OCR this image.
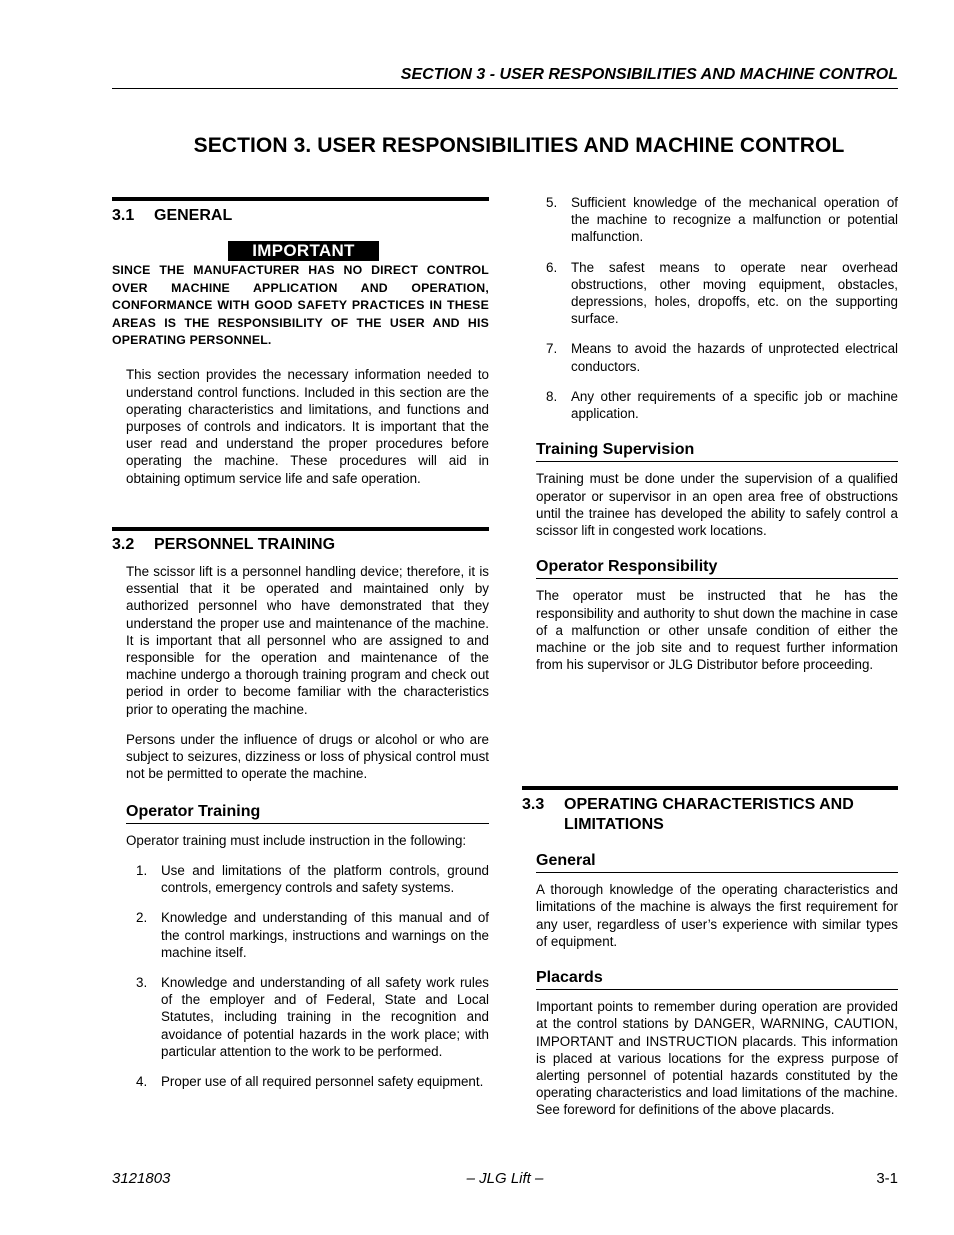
SECTION 3 - USER RESPONSIBILITIES AND MACHINE CONTROL
SECTION 3. USER RESPONSIBILITIES AND MACHINE CONTROL
3.1	GENERAL
IMPORTANT
SINCE THE MANUFACTURER HAS NO DIRECT CONTROL OVER MACHINE APPLICATION AND OPERATION, CONFORMANCE WITH GOOD SAFETY PRACTICES IN THESE AREAS IS THE RESPONSIBILITY OF THE USER AND HIS OPERATING PERSONNEL.

This section provides the necessary information needed to understand control functions. Included in this section are the operating characteristics and limitations, and functions and purposes of controls and indicators. It is important that the user read and understand the proper procedures before operating the machine. These procedures will aid in obtaining optimum service life and safe operation.

3.2	PERSONNEL TRAINING

The scissor lift is a personnel handling device; therefore, it is essential that it be operated and maintained only by authorized personnel who have demonstrated that they understand the proper use and maintenance of the machine. It is important that all personnel who are assigned to and responsible for the operation and maintenance of the machine undergo a thorough training program and check out period in order to become familiar with the characteristics prior to operating the machine.

Persons under the influence of drugs or alcohol or who are subject to seizures, dizziness or loss of physical control must not be permitted to operate the machine.

Operator Training

Operator training must include instruction in the following:

1.	Use and limitations of the platform controls, ground controls, emergency controls and safety systems.
2.	Knowledge and understanding of this manual and of the control markings, instructions and warnings on the machine itself.
3.	Knowledge and understanding of all safety work rules of the employer and of Federal, State and Local Statutes, including training in the recognition and avoidance of potential hazards in the work place; with particular attention to the work to be performed.
4.	Proper use of all required personnel safety equipment.
5.	Sufficient knowledge of the mechanical operation of the machine to recognize a malfunction or potential malfunction.
6.	The safest means to operate near overhead obstructions, other moving equipment, obstacles, depressions, holes, dropoffs, etc. on the supporting surface.
7.	Means to avoid the hazards of unprotected electrical conductors.
8.	Any other requirements of a specific job or machine application.
Training Supervision

Training must be done under the supervision of a qualified operator or supervisor in an open area free of obstructions until the trainee has developed the ability to safely control a scissor lift in congested work locations.

Operator Responsibility

The operator must be instructed that he has the responsibility and authority to shut down the machine in case of a malfunction or other unsafe condition of either the machine or the job site and to request further information from his supervisor or JLG Distributor before proceeding.

3.3	OPERATING CHARACTERISTICS AND LIMITATIONS
General

A thorough knowledge of the operating characteristics and limitations of the machine is always the first requirement for any user, regardless of user’s experience with similar types of equipment.

Placards

Important points to remember during operation are provided at the control stations by DANGER, WARNING, CAUTION, IMPORTANT and INSTRUCTION placards. This information is placed at various locations for the express purpose of alerting personnel of potential hazards constituted by the operating characteristics and load limitations of the machine. See foreword for definitions of the above placards.

3121803	– JLG Lift –	3-1
